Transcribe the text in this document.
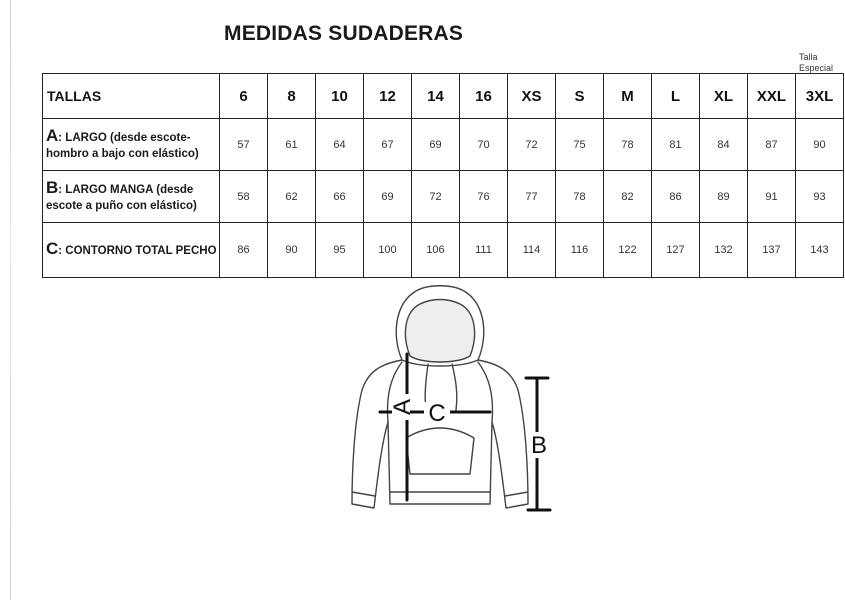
MEDIDAS SUDADERAS
Talla
Especial
TALLAS	6	8	10	12	14	16	XS	S	M	L	XL	XXL	3XL
A: LARGO (desde escote-hombro a bajo con elástico)	57	61	64	67	69	70	72	75	78	81	84	87	90
B: LARGO MANGA (desde escote a puño con elástico)	58	62	66	69	72	76	77	78	82	86	89	91	93
C: CONTORNO TOTAL PECHO	86	90	95	100	106	111	114	116	122	127	132	137	143
A C
B
